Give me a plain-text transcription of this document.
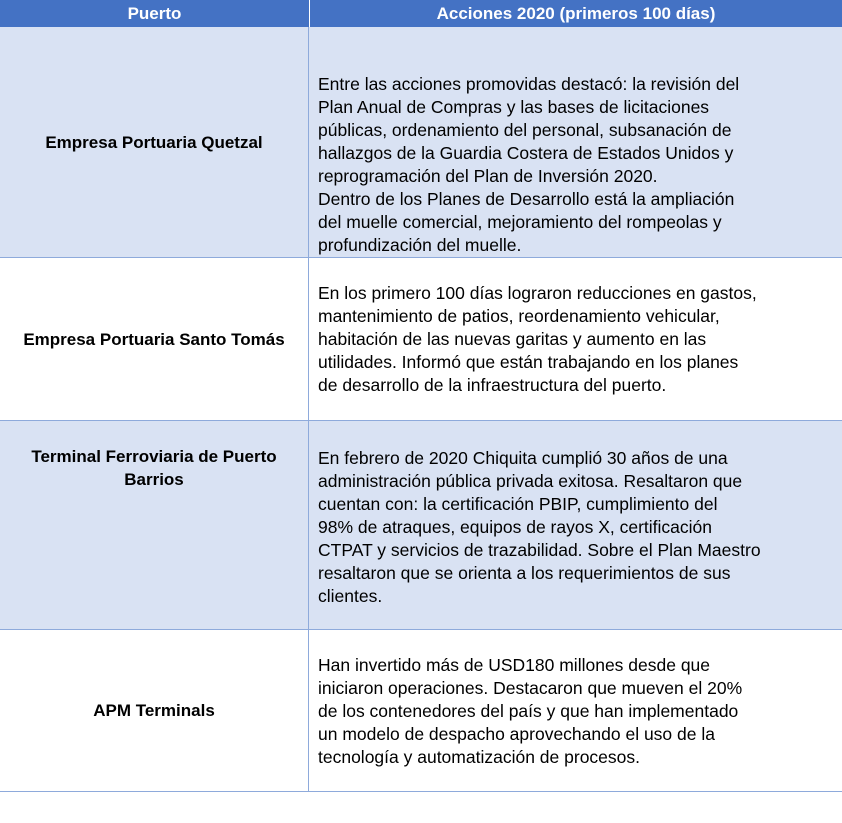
Puerto	Acciones 2020 (primeros 100 días)
Empresa Portuaria Quetzal
Entre las acciones promovidas destacó: la revisión del
Plan Anual de Compras y las bases de licitaciones
públicas, ordenamiento del personal, subsanación de
hallazgos de la Guardia Costera de Estados Unidos y
reprogramación del Plan de Inversión 2020.
Dentro de los Planes de Desarrollo está la ampliación
del muelle comercial, mejoramiento del rompeolas y
profundización del muelle.
Empresa Portuaria Santo Tomás
En los primero 100 días lograron reducciones en gastos,
mantenimiento de patios, reordenamiento vehicular,
habitación de las nuevas garitas y aumento en las
utilidades. Informó que están trabajando en los planes
de desarrollo de la infraestructura del puerto.
Terminal Ferroviaria de Puerto Barrios
En febrero de 2020 Chiquita cumplió 30 años de una
administración pública privada exitosa. Resaltaron que
cuentan con: la certificación PBIP, cumplimiento del
98% de atraques, equipos de rayos X, certificación
CTPAT y servicios de trazabilidad. Sobre el Plan Maestro
resaltaron que se orienta a los requerimientos de sus
clientes.
APM Terminals
Han invertido más de USD180 millones desde que
iniciaron operaciones. Destacaron que mueven el 20%
de los contenedores del país y que han implementado
un modelo de despacho aprovechando el uso de la
tecnología y automatización de procesos.
